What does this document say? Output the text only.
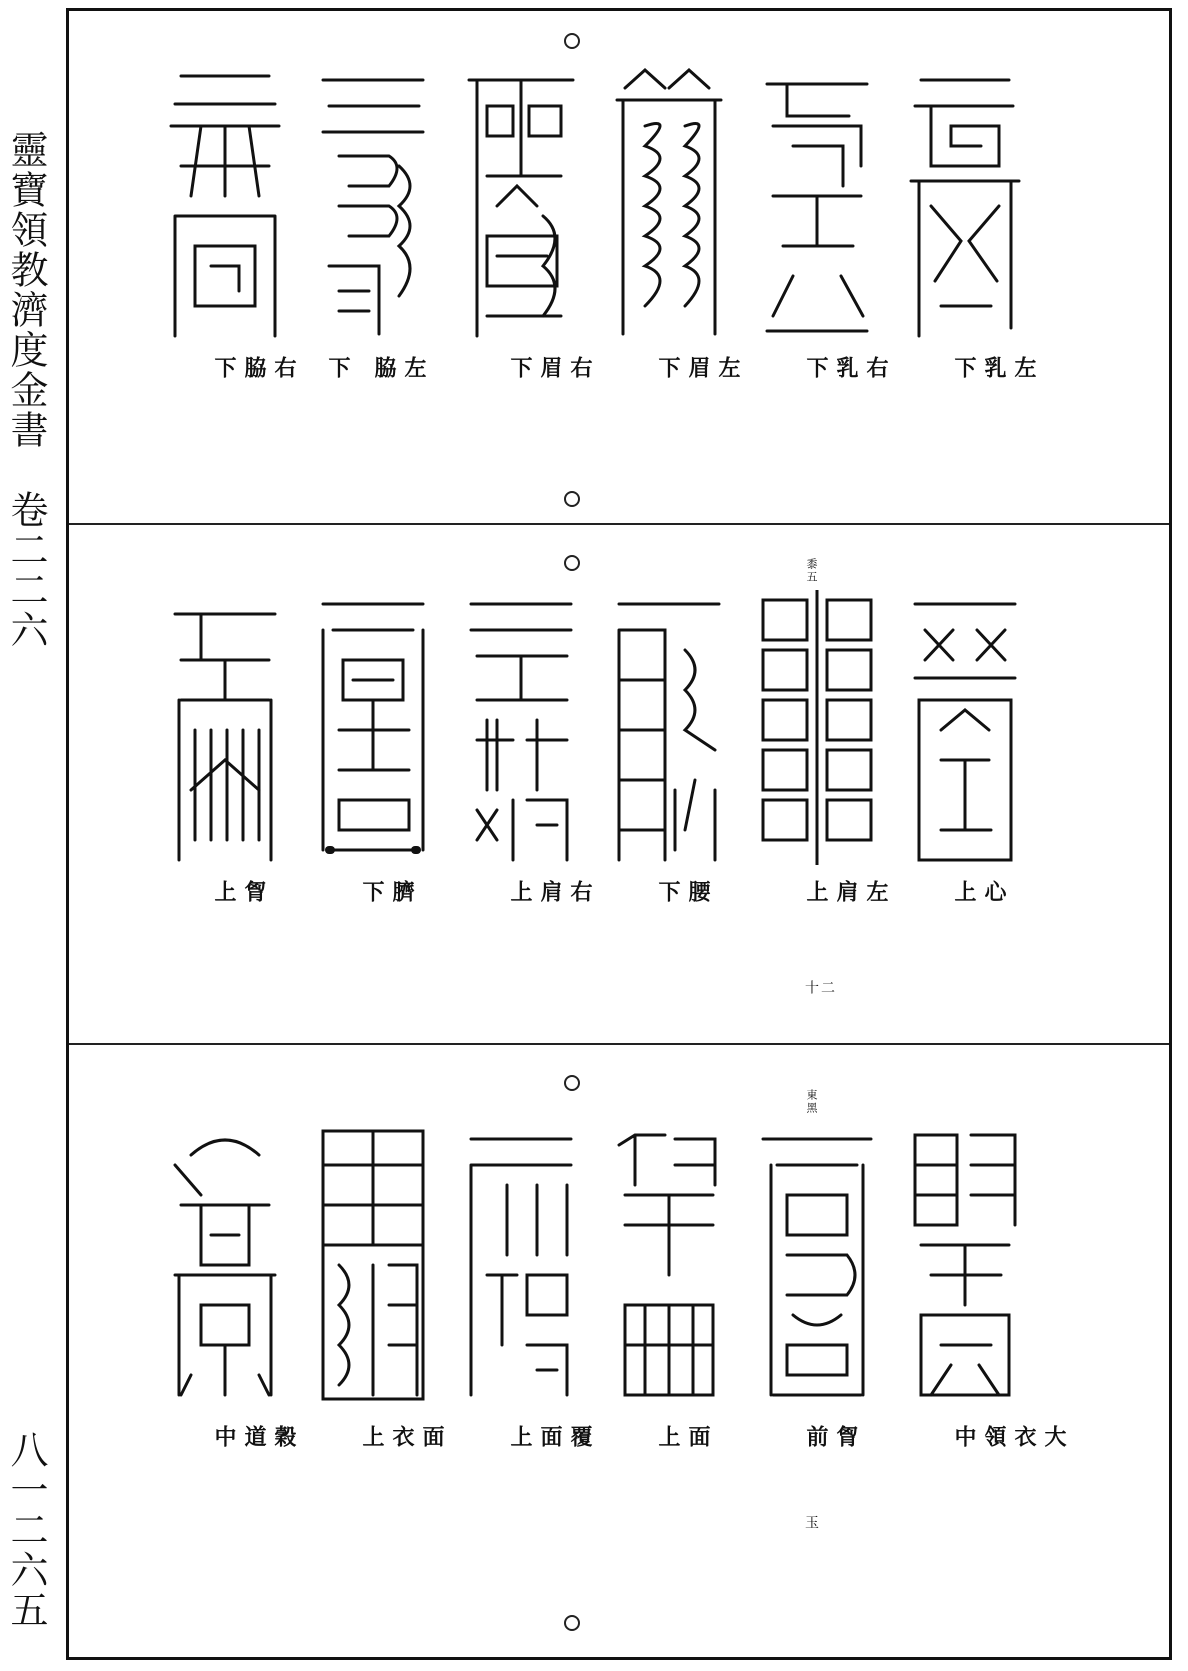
靈寶領教濟度金書　卷二二六
八一二六五
左乳下
右乳下
左眉下
右眉下
左脇
下
右脇下
心上
黍五
左肩上
二十
腰下
右肩上
臍下
胷上
大衣領中
東黑
胷前
玉
面上
覆面上
面衣上
穀道中
